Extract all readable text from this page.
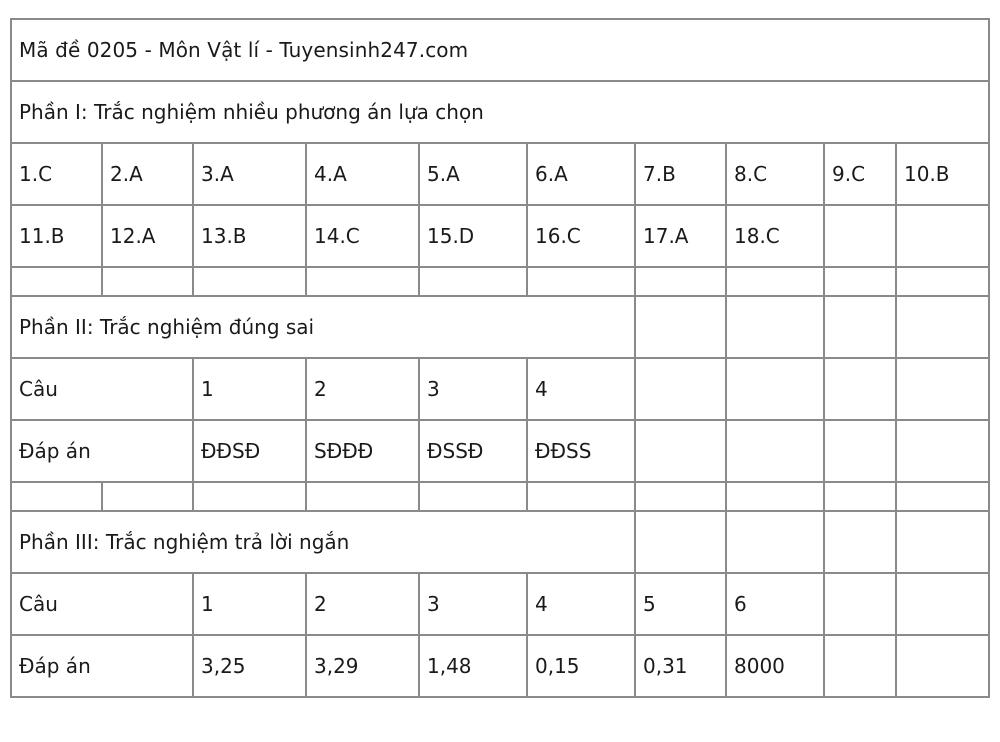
Mã đề 0205 - Môn Vật lí - Tuyensinh247.com									
Phần I: Trắc nghiệm nhiều phương án lựa chọn									
1.C	2.A	3.A	4.A	5.A	6.A	7.B	8.C	9.C	10.B
11.B	12.A	13.B	14.C	15.D	16.C	17.A	18.C		

Phần II: Trắc nghiệm đúng sai									
Câu		1	2	3	4				
Đáp án		ĐĐSĐ	SĐĐĐ	ĐSSĐ	ĐĐSS				

Phần III: Trắc nghiệm trả lời ngắn									
Câu		1	2	3	4	5	6		
Đáp án		3,25	3,29	1,48	0,15	0,31	8000		
